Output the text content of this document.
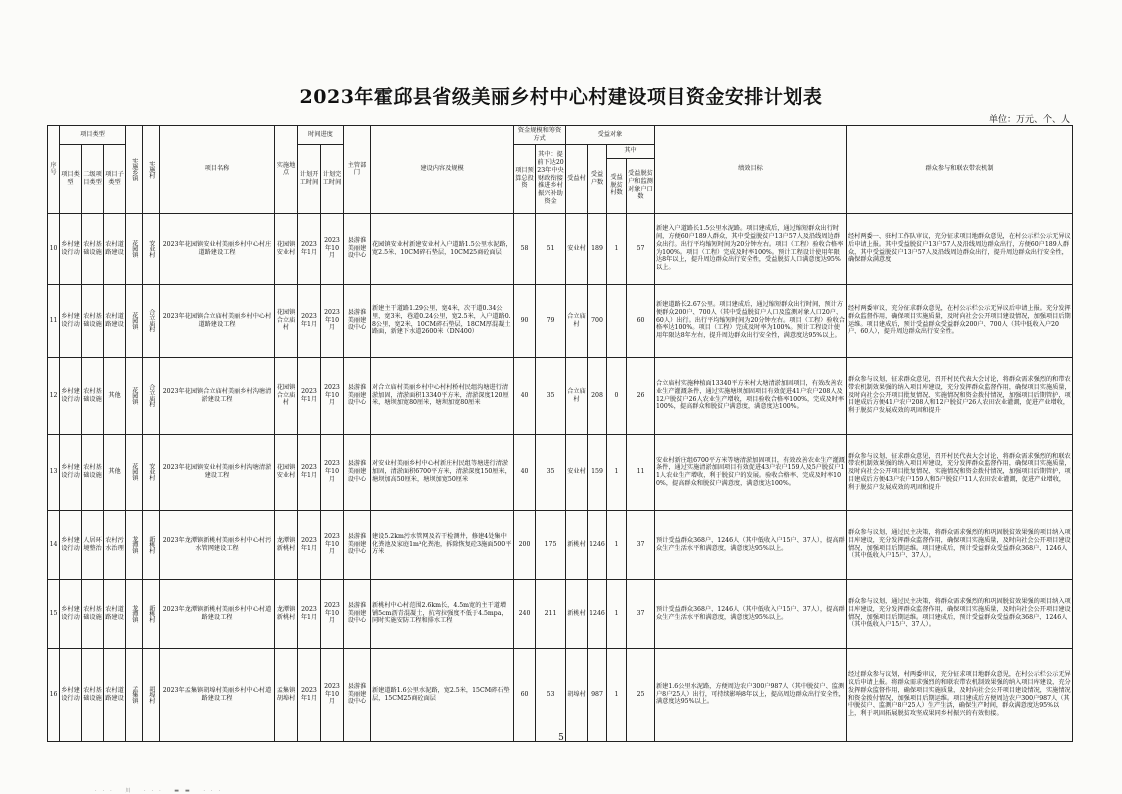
2023年霍邱县省级美丽乡村中心村建设项目资金安排计划表
单位：万元、个、人
序号	项目类型			实施乡镇	实施村	项目名称	实施地点	时间进度		主管部门	建设内容及规模	资金规模和筹资方式		受益对象				绩效目标	群众参与和联农带农机制
	项目类型	二级项目类型	项目子类型					计划开工时间	计划完工时间			项目预算总投资	其中：提前下达2023年中央财政衔接推进乡村振兴补助资金	受益村	受益户数	其中			
																受益脱贫村数	受益脱贫户和监测对象户口数		
10	乡村建设行动	农村基础设施	农村道路建设	花园镇	安业村	2023年花园镇安业村美丽乡村中心村庄道路建设工程	花园镇安业村	2023年1月	2023年10月	县游淮美丽建设中心	花园镇安业村新建安业村入户道路1.5公里水泥路，宽2.5米、10CM碎石垫层，10CM25商砼面层	58	51	安业村	189	1	57	新建入户道路长1.5公里水泥路。项目建成后，通过缩短群众出行时间，方便60户189人群众，其中受益脱贫户13户57人及沿线周边群众出行。出行平均缩短时间为20分钟左右。项目（工程）验收合格率为100%。项目（工程）完成及时率100%。预计工程设计使用年限达8年以上，提升周边群众出行安全性，受益脱贫人口满意度达95%以上。	经村两委一、驻村工作队审议，充分征求项目地群众意见，在村公示栏公示无异议后申请上报。其中受益脱贫户13户57人及沿线周边群众出行，方便60户189人群众，其中受益脱贫户13户57人及沿线周边群众出行，提升周边群众出行安全性，确保群众满意度
11	乡村建设行动	农村基础设施	农村道路建设	花园镇	合立庙村	2023年花园镇合立庙村美丽乡村中心村道路建设工程	花园镇合立庙村	2023年1月	2023年10月	县游淮美丽建设中心	新建主干道路1.29公里，宽4米，次干道0.34公里，宽3米，巷道0.24公里，宽2.5米，入户道路0.8公里，宽2米，10CM碎石垫层，18CM厚混凝土路面，新建下水道2600米（DN400）	90	79	合立庙村	700		60	新建道路长2.67公里。项目建成后，通过缩短群众出行时间，预计方便群众200户、700人（其中受益脱贫户人口及监测对象人口20户、60人）出行。出行平均缩短时间为20分钟左右。项目（工程）验收合格率达100%。项目（工程）完成及时率为100%。预计工程设计使用年限达8年左右，提升周边群众出行安全性，满意度达95%以上。	经村两委审议，充分征求群众意见，在村公示栏公示无异议后申请上报。充分发挥群众监督作用，确保项目实施质量，及时向社会公开项目建设情况，加强项目后期运维。项目建成后，预计受益群众受益群众200户、700人（其中低收入户20户、60人），提升周边群众出行安全性。
12	乡村建设行动	农村基础设施	其他	花园镇	合立庙村	2023年花园镇合立庙村美丽乡村沟塘清淤建设工程	花园镇合立庙村	2023年1月	2023年10月	县游淮美丽建设中心	对合立庙村美丽乡村中心村村桥村民组沟塘进行清淤加固，清淤面积13340平方米，清淤深度120厘米，塘坝加宽80厘米，塘坝加宽80厘米	40	35	合立庙村	208	0	26	合立庙村实施种植面13340平方米村大塘清淤加固项目，有效改善农业生产灌溉条件，通过实施塘坝加固项目有效促进41户农户208人及12户脱贫户26人农业生产增收，项目验收合格率100%，完成及时率100%，提高群众和脱贫户满意度，满意度达100%。	群众参与议划，征求群众意见，召开村民代表大会讨论，将群众需求强烈的和带农带农机制效果强的纳入项目库建设，充分发挥群众监督作用，确保项目实施质量，及时向社会公开项目批复情况、实施情况和资金拨付情况，加强项目后期管护，项目建成后方便41户农户208人和12户脱贫户26人农田农业灌溉，促进产业增收，利于脱贫户发展成效的巩固和提升
13	乡村建设行动	农村基础设施	其他	花园镇	安业村	2023年花园镇安业村美丽乡村沟塘清淤建设工程	花园镇安业村	2023年1月	2023年10月	县游淮美丽建设中心	对安业村美丽乡村中心村新庄村民组等塘进行清淤加固，清淤面积6700平方米，清淤深度150厘米，塘坝加高50厘米，塘坝加宽50厘米	40	35	安业村	159	1	11	安业村新庄组6700平方米等塘清淤加固项目，有效改善农业生产灌溉条件，通过实施清淤加固项目有效促进43户农户159人及5户脱贫户11人农业生产增收，利于脱贫户的发展。验收合格率、完成及时率100%，提高群众和脱贫户满意度，满意度达100%。	群众参与议划，征求群众意见，召开村民代表大会讨论，将群众需求强烈的和联农带农机制效果强的纳入项目库建设，充分发挥群众监督作用，确保项目实施质量，及时向社会公开项目批复情况、实施情况和资金拨付情况，加强项目后期管护，项目建成后方便43户农户159人和5户脱贫户11人农田农业灌溉，促进产业增收，利于脱贫户发展成效的巩固和提升
14	乡村建设行动	人居环境整治	农村污水治理	龙潭镇	新桃村	2023年龙潭镇新桃村美丽乡村中心村污水管网建设工程	龙潭镇新桃村	2023年1月	2023年10月	县游淮美丽建设中心	建设5.2km污水管网及若干检测井，修建4处集中化粪池及家庭1m³化粪池，拆除恢复砼3施面500平方米	200	175	新桃村	1246	1	37	预计受益群众368户、1246人（其中低收入户15户、37人），提高群众生产生活水平和满意度，满意度达95%以上。	群众参与议划，通过民主决策，将群众需求强烈的和巩固脱贫效果强的项目纳入项目库建设，充分发挥群众监督作用，确保项目实施质量，及时向社会公开项目建设情况，加强项目后期运维。项目建成后，预计受益群众受益群众368户、1246人（其中低收入户15户、37人）。
15	乡村建设行动	农村基础设施	农村道路建设	龙潭镇	新桃村	2023年龙潭镇新桃村美丽乡村中心村道路建设工程	龙潭镇新桃村	2023年1月	2023年10月	县游淮美丽建设中心	新桃村中心村范围2.6km长，4.5m宽的主干道增铺5cm沥青混凝土，抗弯拉强度不低于4.5mpa，同时实施安防工程和排水工程	240	211	新桃村	1246	1	37	预计受益群众368户、1246人（其中低收入户15户、37人），提高群众生产生活水平和满意度，满意度达95%以上。	群众参与议划，通过民主决策，将群众需求强烈的和巩固脱贫效果强的项目纳入项目库建设，充分发挥群众监督作用，确保项目实施质量，及时向社会公开项目建设情况，加强项目后期运维。项目建成后，预计受益群众受益群众368户、1246人（其中低收入户15户、37人）。
16	乡村建设行动	农村基础设施	农村道路建设	孟集镇	胡埠村	2023年孟集镇胡埠村美丽乡村中心村道路建设工程	孟集镇胡埠村	2023年1月	2023年10月	县游淮美丽建设中心	新建道路1.6公里水泥路，宽2.5米，15CM碎石垫层，15CM25商砼面层	60	53	胡埠村	987	1	25	新建1.6公里水泥路，方便周边农户300户987人（其中脱贫户、监测户8户25人）出行，可持续影响8年以上，提高周边群众出行安全性，满意度达95%以上。	经过群众参与议划，村两委审议，充分征求项目地群众意见，在村公示栏公示无异议后申请上报。将群众需求强烈的和联农带农机制效果强的纳入项目库建设，充分发挥群众监督作用，确保项目实施质量，及时向社会公开项目建设情况，实施情况和资金拨付情况，加强项目后期运维。项目建成后方便周边农户300户987人（其中脱贫户、监测户8户25人）生产生活，确保生产时间，群众满意度达95%以上，利于巩固拓展脱贫攻坚成果同乡村振兴的有效衔接。
5
··· 川 ··· ▬▬ ···
